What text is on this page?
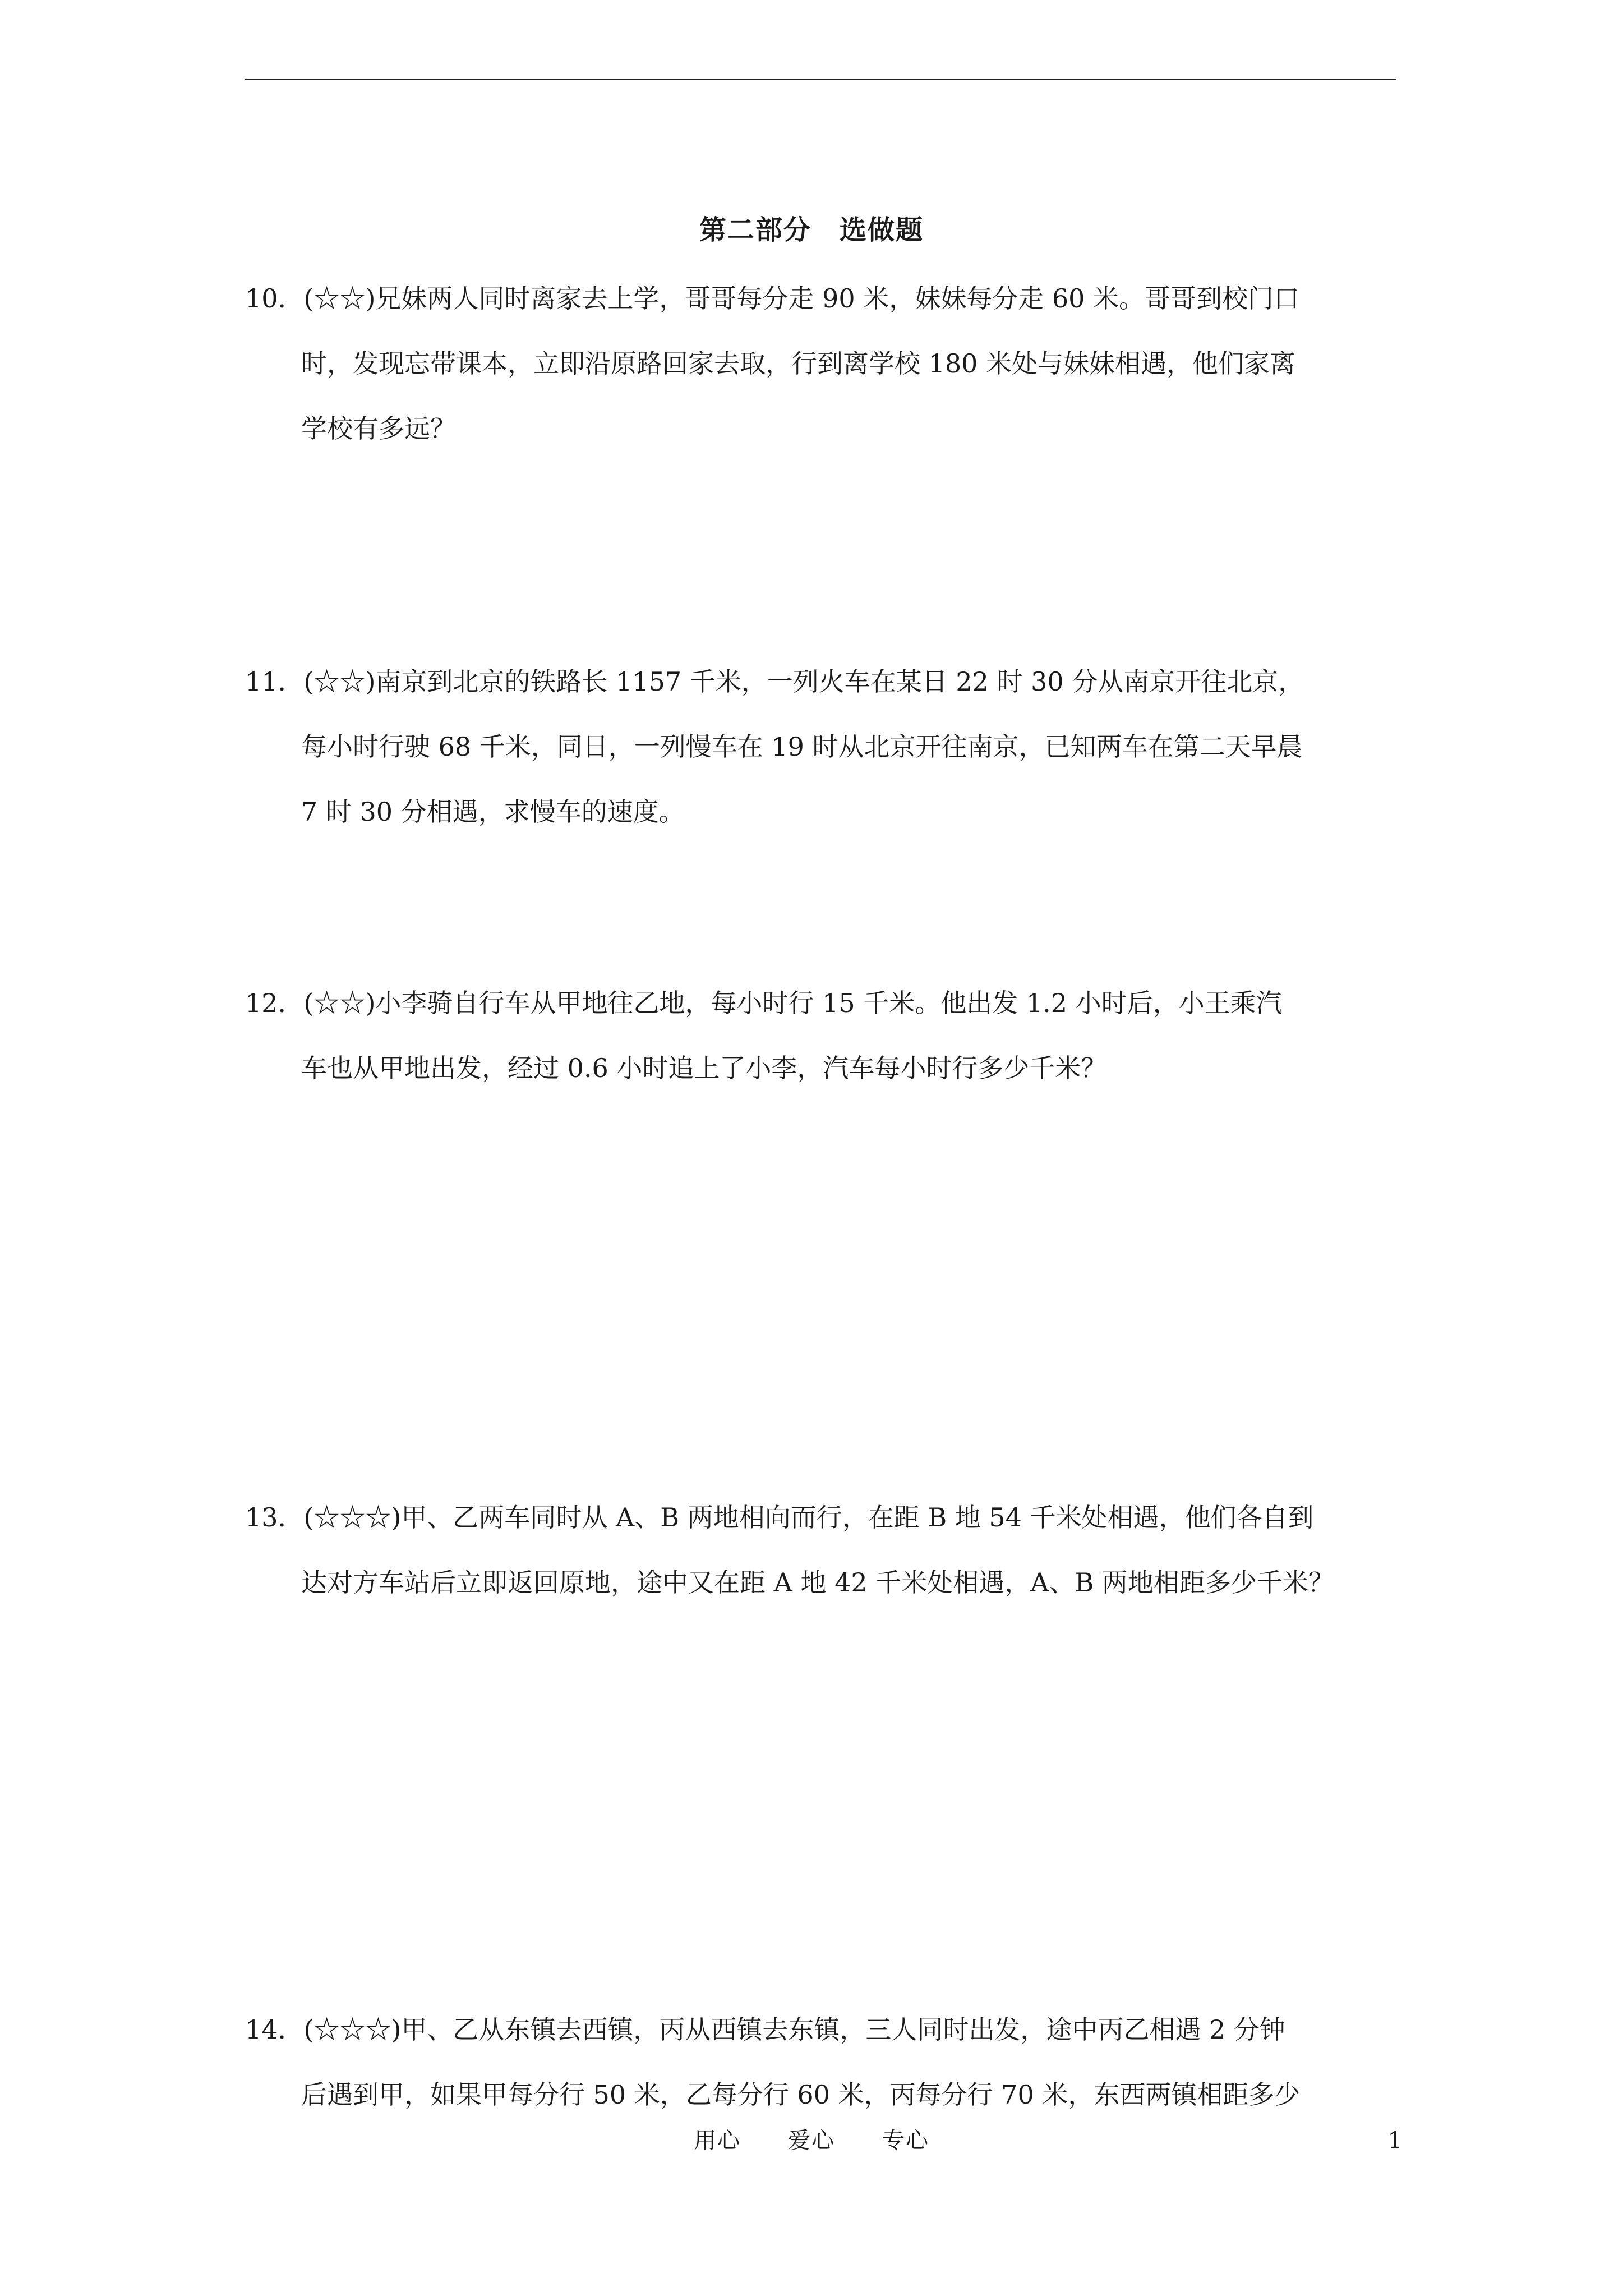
第二部分　选做题
10．(☆☆)兄妹两人同时离家去上学，哥哥每分走 90 米，妹妹每分走 60 米。哥哥到校门口
时，发现忘带课本，立即沿原路回家去取，行到离学校 180 米处与妹妹相遇，他们家离
学校有多远？
11．(☆☆)南京到北京的铁路长 1157 千米，一列火车在某日 22 时 30 分从南京开往北京，
每小时行驶 68 千米，同日，一列慢车在 19 时从北京开往南京，已知两车在第二天早晨
7 时 30 分相遇，求慢车的速度。
12．(☆☆)小李骑自行车从甲地往乙地，每小时行 15 千米。他出发 1.2 小时后，小王乘汽
车也从甲地出发，经过 0.6 小时追上了小李，汽车每小时行多少千米？
13．(☆☆☆)甲、乙两车同时从 A、B 两地相向而行，在距 B 地 54 千米处相遇，他们各自到
达对方车站后立即返回原地，途中又在距 A 地 42 千米处相遇，A、B 两地相距多少千米？
14．(☆☆☆)甲、乙从东镇去西镇，丙从西镇去东镇，三人同时出发，途中丙乙相遇 2 分钟
后遇到甲，如果甲每分行 50 米，乙每分行 60 米，丙每分行 70 米，东西两镇相距多少
用心　　爱心　　专心	1
